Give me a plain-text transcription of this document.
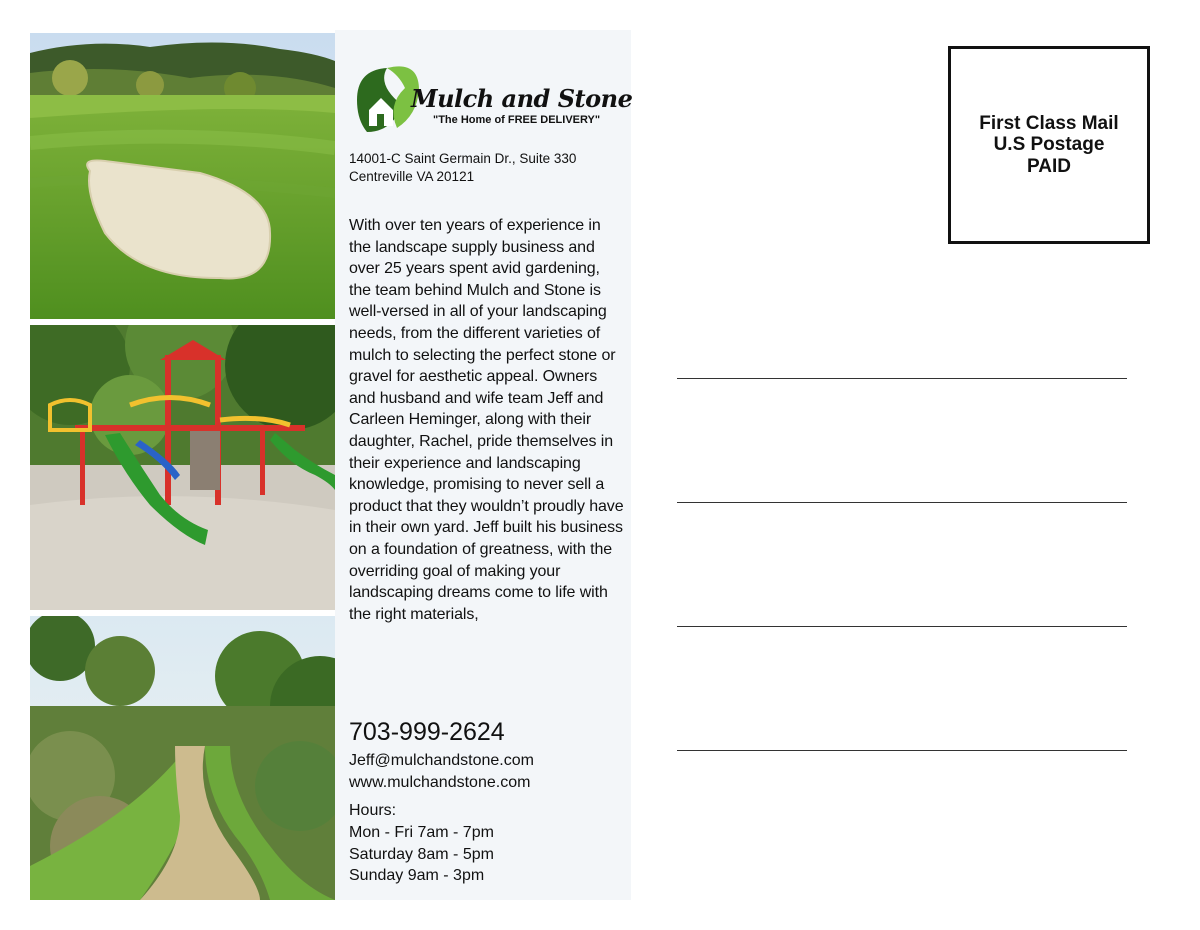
Mulch and Stone
"The Home of FREE DELIVERY"
14001-C Saint Germain Dr., Suite 330
Centreville VA 20121
With over ten years of experience in the landscape supply business and over 25 years spent avid gardening, the team behind Mulch and Stone is well-versed in all of your landscaping needs, from the different varieties of mulch to selecting the perfect stone or gravel for aesthetic appeal. Owners and husband and wife team Jeff and Carleen Heminger, along with their daughter, Rachel, pride themselves in their experience and landscaping knowledge, promising to never sell a product that they wouldn’t proudly have in their own yard. Jeff built his business on a foundation of greatness, with the overriding goal of making your landscaping dreams come to life with the right materials,
703-999-2624
Jeff@mulchandstone.com
www.mulchandstone.com
Hours:
Mon - Fri 7am - 7pm
Saturday 8am - 5pm
Sunday 9am - 3pm
First Class Mail
U.S Postage
PAID
